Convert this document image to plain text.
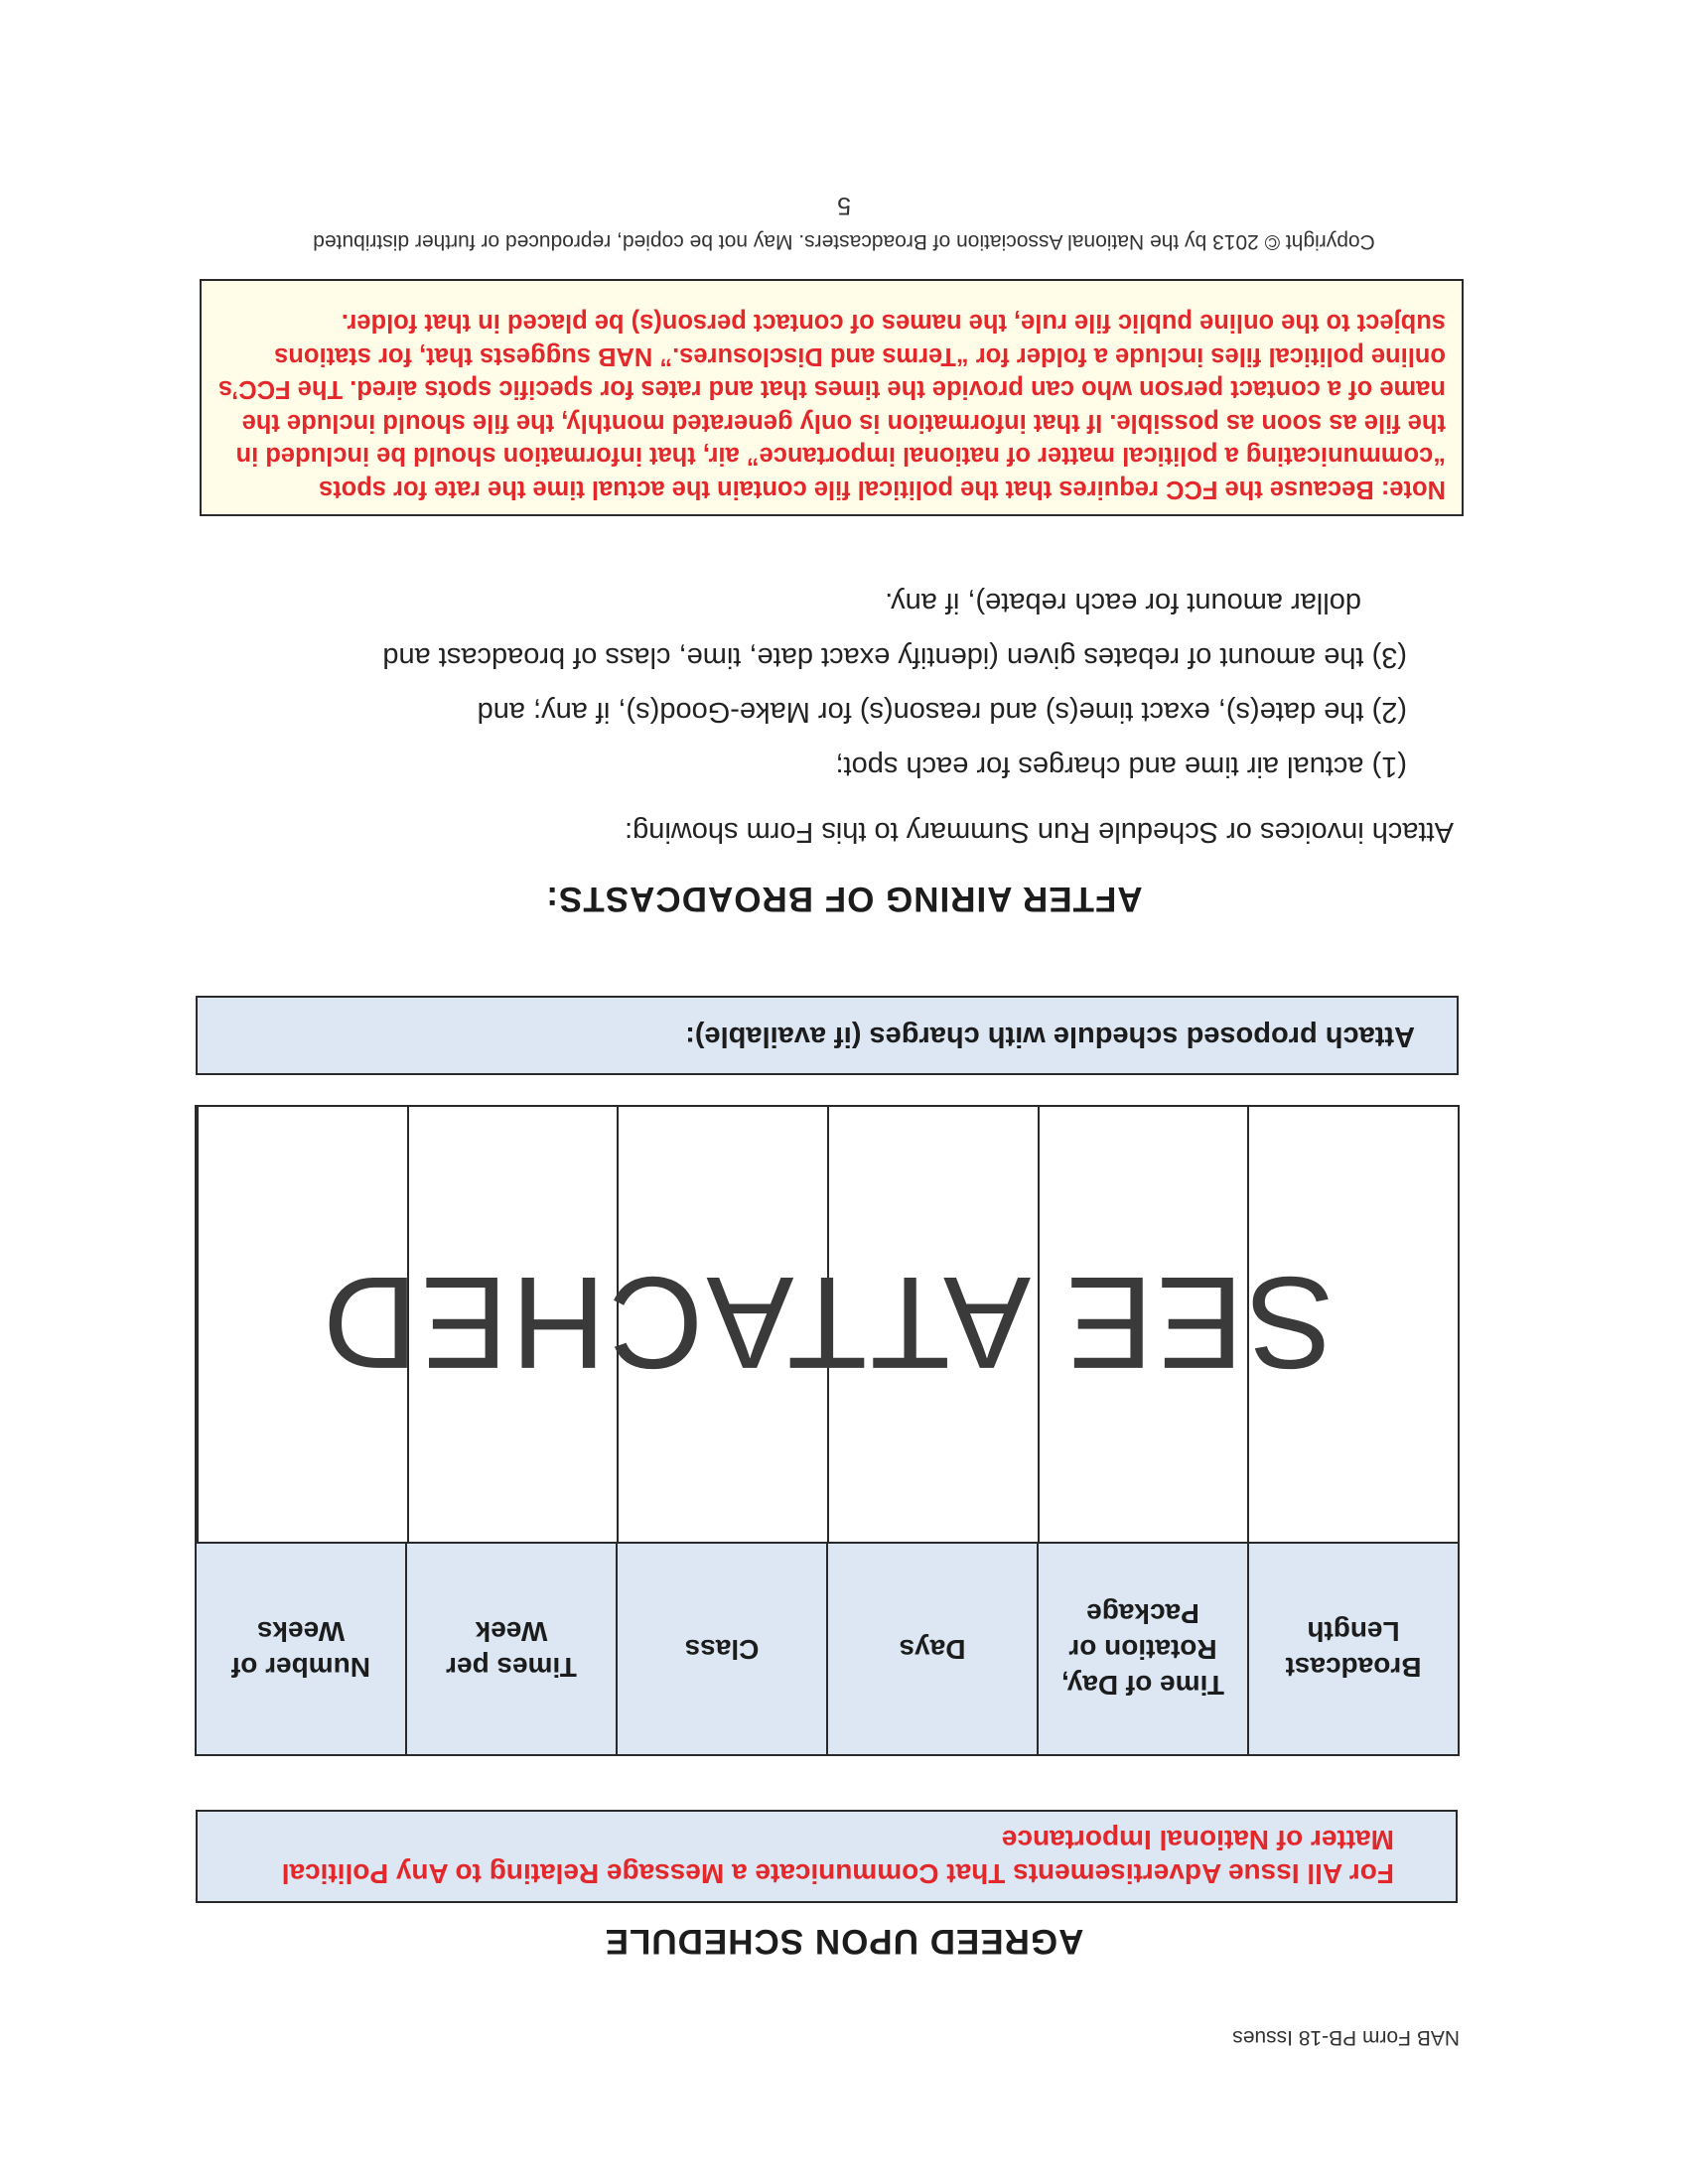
NAB Form PB-18 Issues
AGREED UPON SCHEDULE
For All Issue Advertisements That Communicate a Message Relating to Any Political Matter of National Importance
Broadcast Length
Time of Day, Rotation or Package
Days
Class
Times per Week
Number of Weeks
SEE ATTACHED
Attach proposed schedule with charges (if available):
AFTER AIRING OF BROADCASTS:
Attach invoices or Schedule Run Summary to this Form showing:
(1) actual air time and charges for each spot;
(2) the date(s), exact time(s) and reason(s) for Make-Good(s), if any; and
(3) the amount of rebates given (identify exact date, time, class of broadcast and
dollar amount for each rebate), if any.
Note: Because the FCC requires that the political file contain the actual time the rate for spots “communicating a political matter of national importance” air, that information should be included in the file as soon as possible. If that information is only generated monthly, the file should include the name of a contact person who can provide the times that and rates for specific spots aired. The FCC’s online political files include a folder for “Terms and Disclosures.” NAB suggests that, for stations subject to the online public file rule, the names of contact person(s) be placed in that folder.
Copyright © 2013 by the National Association of Broadcasters. May not be copied, reproduced or further distributed
5
